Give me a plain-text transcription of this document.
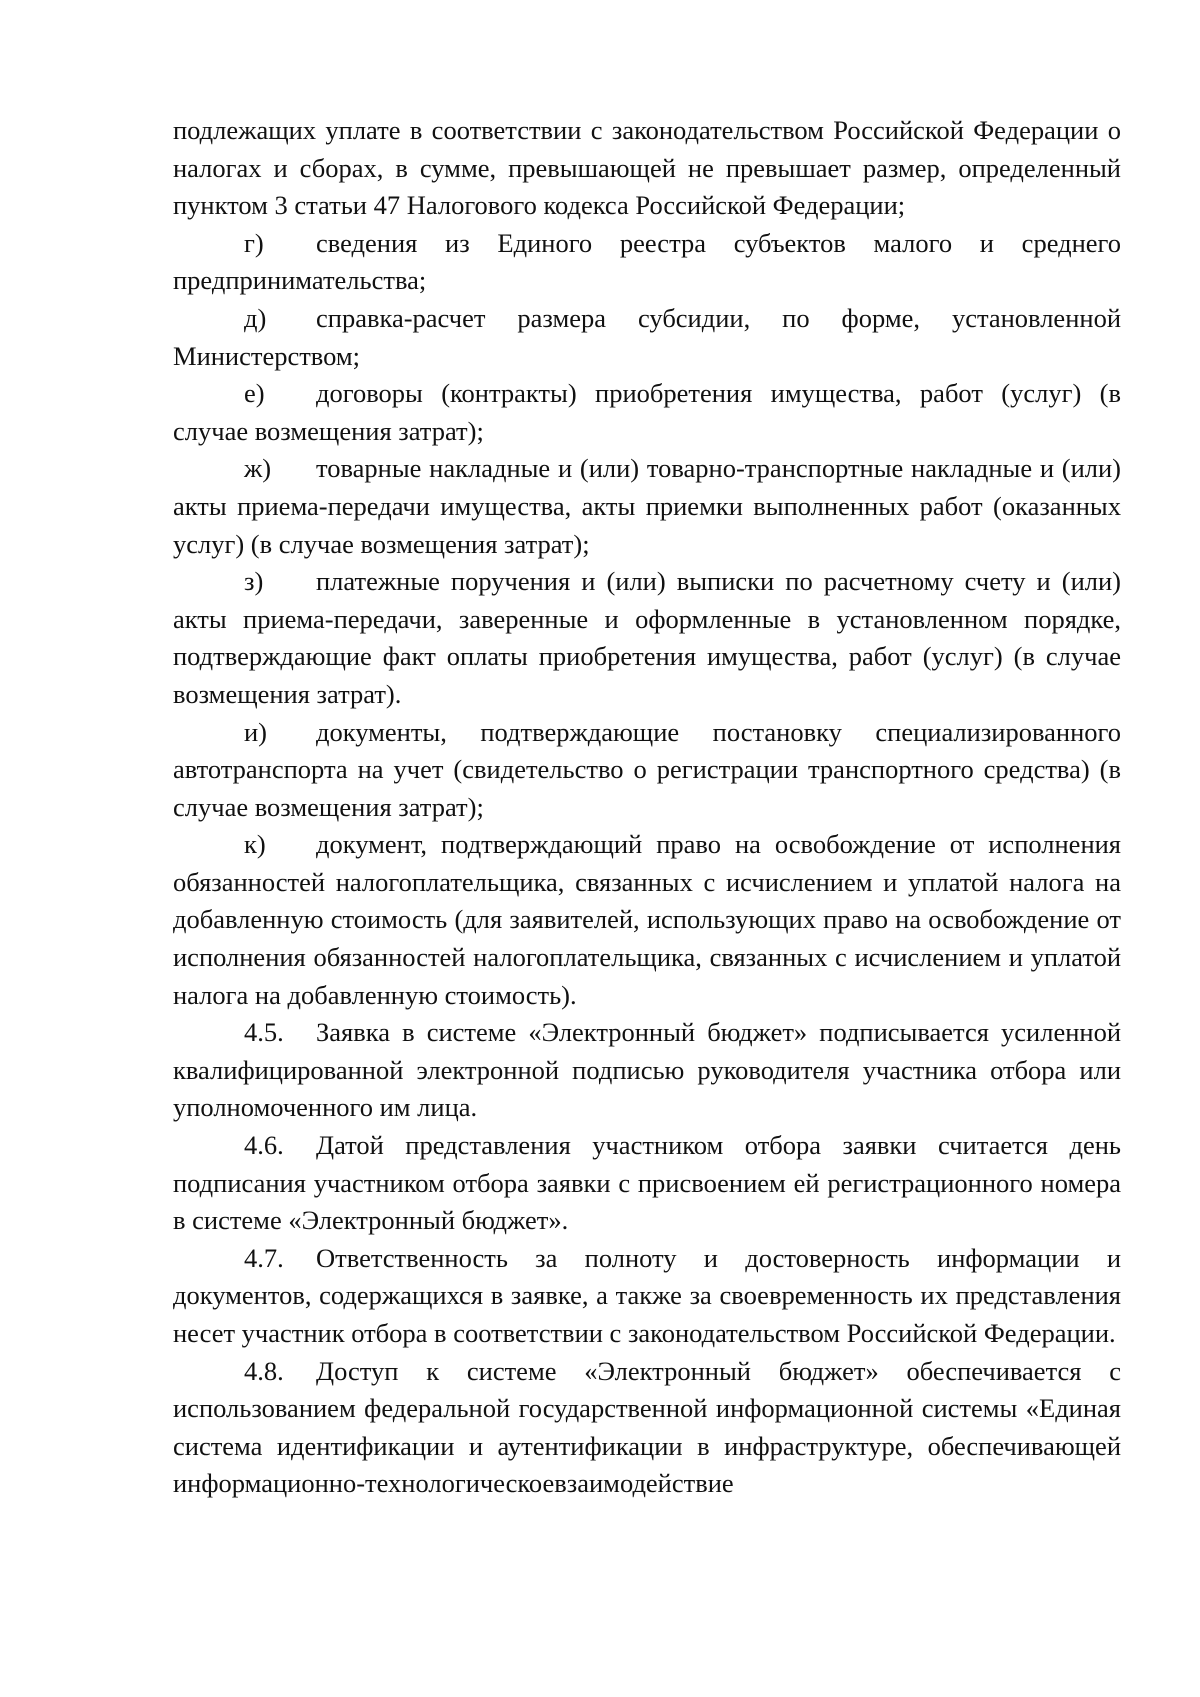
подлежащих уплате в соответствии с законодательством Российской Федерации о налогах и сборах, в сумме, превышающей не превышает размер, определенный пунктом 3 статьи 47 Налогового кодекса Российской Федерации;

г) сведения из Единого реестра субъектов малого и среднего предпринимательства;

д) справка-расчет размера субсидии, по форме, установленной Министерством;

е) договоры (контракты) приобретения имущества, работ (услуг) (в случае возмещения затрат);

ж) товарные накладные и (или) товарно-транспортные накладные и (или) акты приема-передачи имущества, акты приемки выполненных работ (оказанных услуг) (в случае возмещения затрат);

з) платежные поручения и (или) выписки по расчетному счету и (или) акты приема-передачи, заверенные и оформленные в установленном порядке, подтверждающие факт оплаты приобретения имущества, работ (услуг) (в случае возмещения затрат).

и) документы, подтверждающие постановку специализированного автотранспорта на учет (свидетельство о регистрации транспортного средства) (в случае возмещения затрат);

к) документ, подтверждающий право на освобождение от исполнения обязанностей налогоплательщика, связанных с исчислением и уплатой налога на добавленную стоимость (для заявителей, использующих право на освобождение от исполнения обязанностей налогоплательщика, связанных с исчислением и уплатой налога на добавленную стоимость).

4.5. Заявка в системе «Электронный бюджет» подписывается усиленной квалифицированной электронной подписью руководителя участника отбора или уполномоченного им лица.

4.6. Датой представления участником отбора заявки считается день подписания участником отбора заявки с присвоением ей регистрационного номера в системе «Электронный бюджет».

4.7. Ответственность за полноту и достоверность информации и документов, содержащихся в заявке, а также за своевременность их представления несет участник отбора в соответствии с законодательством Российской Федерации.

4.8. Доступ к системе «Электронный бюджет» обеспечивается с использованием федеральной государственной информационной системы «Единая система идентификации и аутентификации в инфраструктуре, обеспечивающей информационно-технологическоевзаимодействие
